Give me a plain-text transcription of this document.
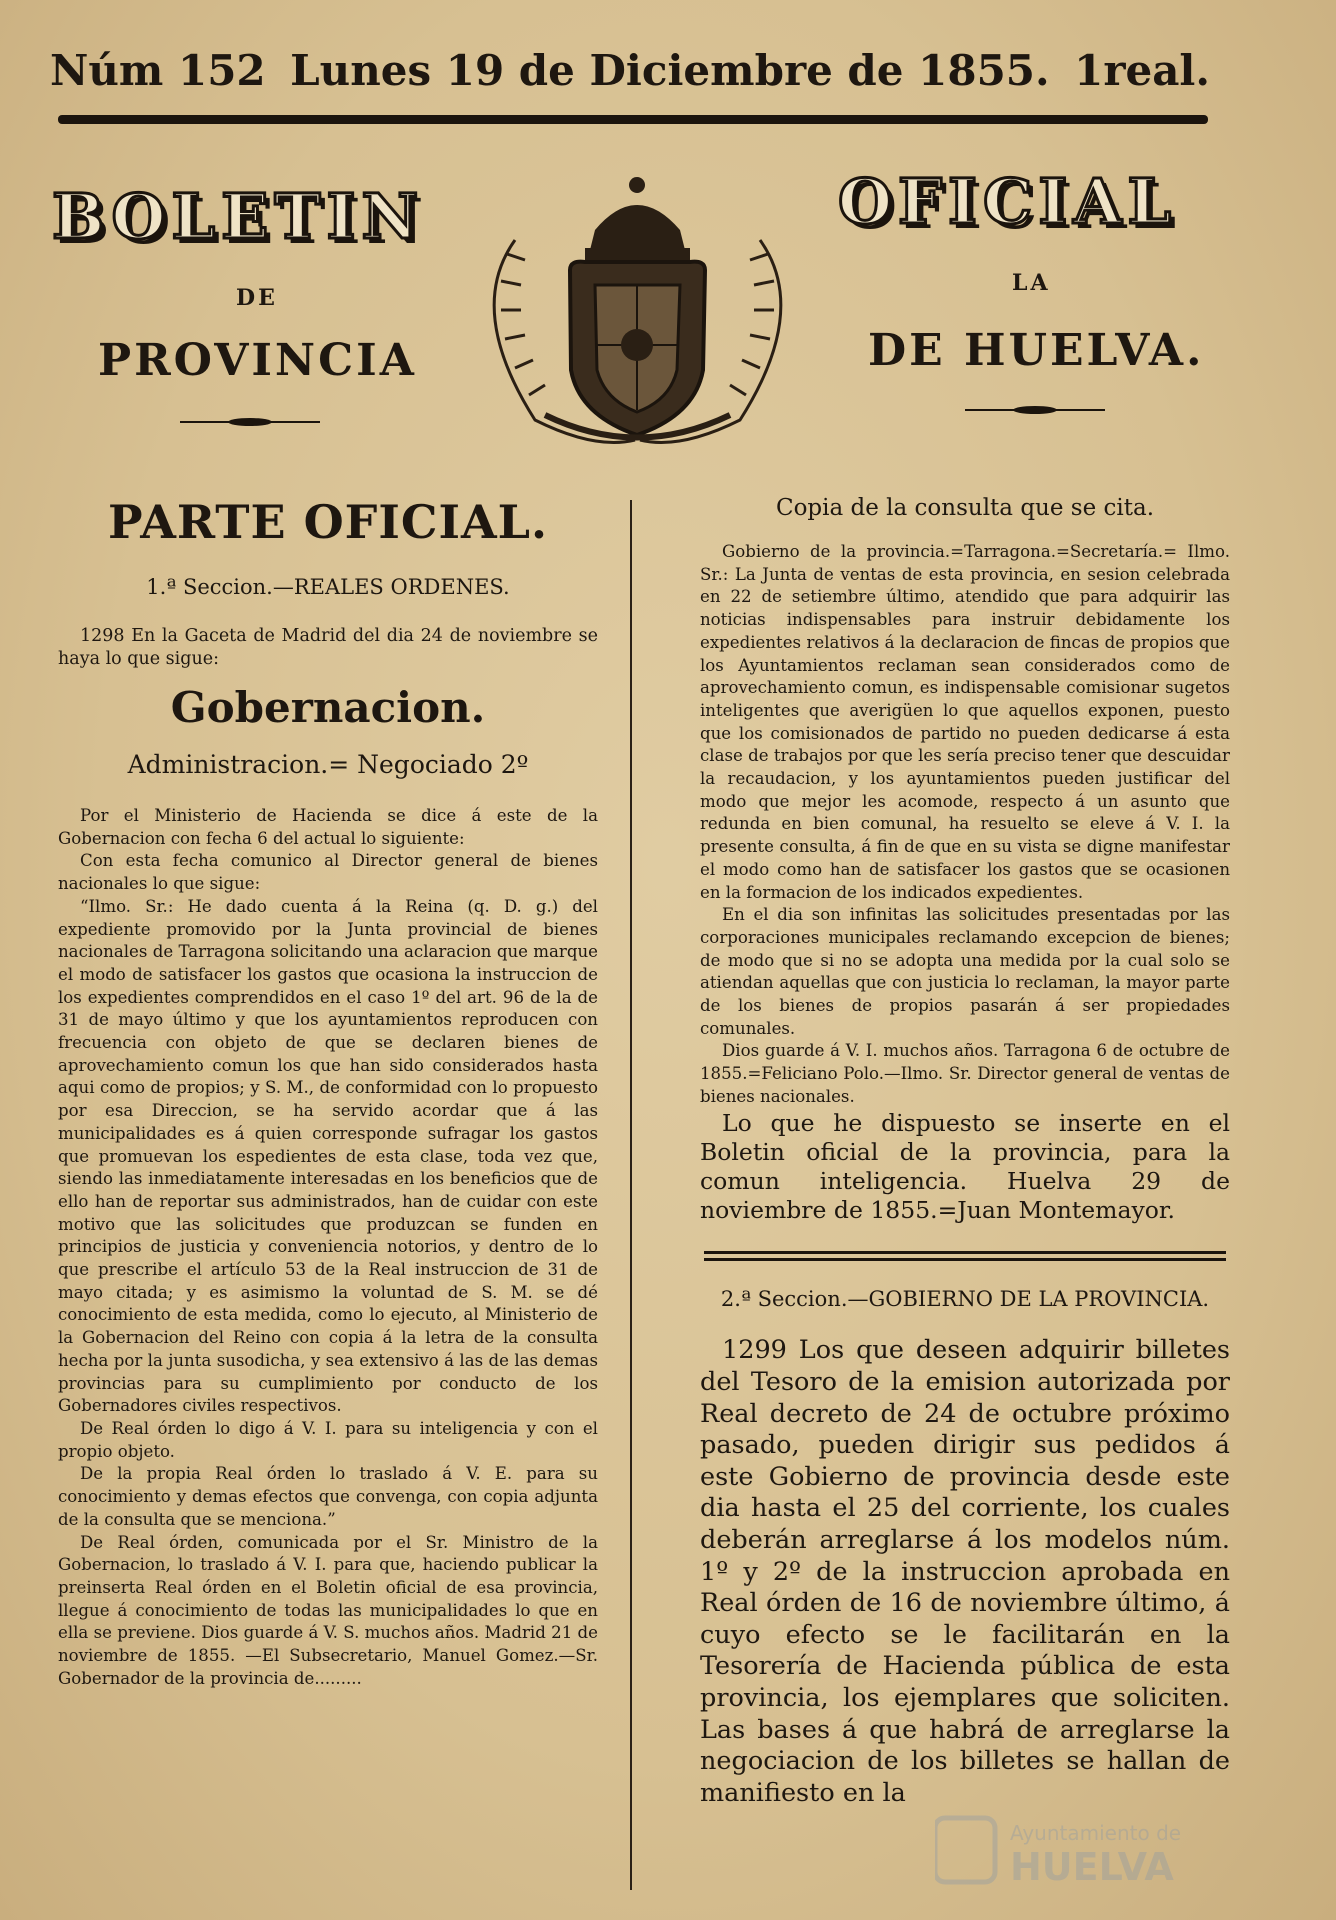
Núm 152 Lunes 19 de Diciembre de 1855. 1real.
BOLETIN	OFICIAL
DE
LA
PROVINCIA	DE HUELVA.
PARTE OFICIAL.
1.ª Seccion.—REALES ORDENES.

1298 En la Gaceta de Madrid del dia 24 de noviembre se haya lo que sigue:

Gobernacion.
Administracion.= Negociado 2º

Por el Ministerio de Hacienda se dice á este de la Gobernacion con fecha 6 del actual lo siguiente:

Con esta fecha comunico al Director general de bienes nacionales lo que sigue:

“Ilmo. Sr.: He dado cuenta á la Reina (q. D. g.) del expediente promovido por la Junta provincial de bienes nacionales de Tarragona solicitando una aclaracion que marque el modo de satisfacer los gastos que ocasiona la instruccion de los expedientes comprendidos en el caso 1º del art. 96 de la de 31 de mayo último y que los ayuntamientos reproducen con frecuencia con objeto de que se declaren bienes de aprovechamiento comun los que han sido considerados hasta aqui como de propios; y S. M., de conformidad con lo propuesto por esa Direccion, se ha servido acordar que á las municipalidades es á quien corresponde sufragar los gastos que promuevan los espedientes de esta clase, toda vez que, siendo las inmediatamente interesadas en los beneficios que de ello han de reportar sus administrados, han de cuidar con este motivo que las solicitudes que produzcan se funden en principios de justicia y conveniencia notorios, y dentro de lo que prescribe el artículo 53 de la Real instruccion de 31 de mayo citada; y es asimismo la voluntad de S. M. se dé conocimiento de esta medida, como lo ejecuto, al Ministerio de la Gobernacion del Reino con copia á la letra de la consulta hecha por la junta susodicha, y sea extensivo á las de las demas provincias para su cumplimiento por conducto de los Gobernadores civiles respectivos.

De Real órden lo digo á V. I. para su inteligencia y con el propio objeto.

De la propia Real órden lo traslado á V. E. para su conocimiento y demas efectos que convenga, con copia adjunta de la consulta que se menciona.”

De Real órden, comunicada por el Sr. Ministro de la Gobernacion, lo traslado á V. I. para que, haciendo publicar la preinserta Real órden en el Boletin oficial de esa provincia, llegue á conocimiento de todas las municipalidades lo que en ella se previene. Dios guarde á V. S. muchos años. Madrid 21 de noviembre de 1855. —El Subsecretario, Manuel Gomez.—Sr. Gobernador de la provincia de.........

Copia de la consulta que se cita.

Gobierno de la provincia.=Tarragona.=Secretaría.= Ilmo. Sr.: La Junta de ventas de esta provincia, en sesion celebrada en 22 de setiembre último, atendido que para adquirir las noticias indispensables para instruir debidamente los expedientes relativos á la declaracion de fincas de propios que los Ayuntamientos reclaman sean considerados como de aprovechamiento comun, es indispensable comisionar sugetos inteligentes que averigüen lo que aquellos exponen, puesto que los comisionados de partido no pueden dedicarse á esta clase de trabajos por que les sería preciso tener que descuidar la recaudacion, y los ayuntamientos pueden justificar del modo que mejor les acomode, respecto á un asunto que redunda en bien comunal, ha resuelto se eleve á V. I. la presente consulta, á fin de que en su vista se digne manifestar el modo como han de satisfacer los gastos que se ocasionen en la formacion de los indicados expedientes.

En el dia son infinitas las solicitudes presentadas por las corporaciones municipales reclamando excepcion de bienes; de modo que si no se adopta una medida por la cual solo se atiendan aquellas que con justicia lo reclaman, la mayor parte de los bienes de propios pasarán á ser propiedades comunales.

Dios guarde á V. I. muchos años. Tarragona 6 de octubre de 1855.=Feliciano Polo.—Ilmo. Sr. Director general de ventas de bienes nacionales.

Lo que he dispuesto se inserte en el Boletin oficial de la provincia, para la comun inteligencia. Huelva 29 de noviembre de 1855.=Juan Montemayor.

2.ª Seccion.—GOBIERNO DE LA PROVINCIA.

1299 Los que deseen adquirir billetes del Tesoro de la emision autorizada por Real decreto de 24 de octubre próximo pasado, pueden dirigir sus pedidos á este Gobierno de provincia desde este dia hasta el 25 del corriente, los cuales deberán arreglarse á los modelos núm. 1º y 2º de la instruccion aprobada en Real órden de 16 de noviembre último, á cuyo efecto se le facilitarán en la Tesorería de Hacienda pública de esta provincia, los ejemplares que soliciten. Las bases á que habrá de arreglarse la negociacion de los billetes se hallan de manifiesto en la

Ayuntamiento de
HUELVA
